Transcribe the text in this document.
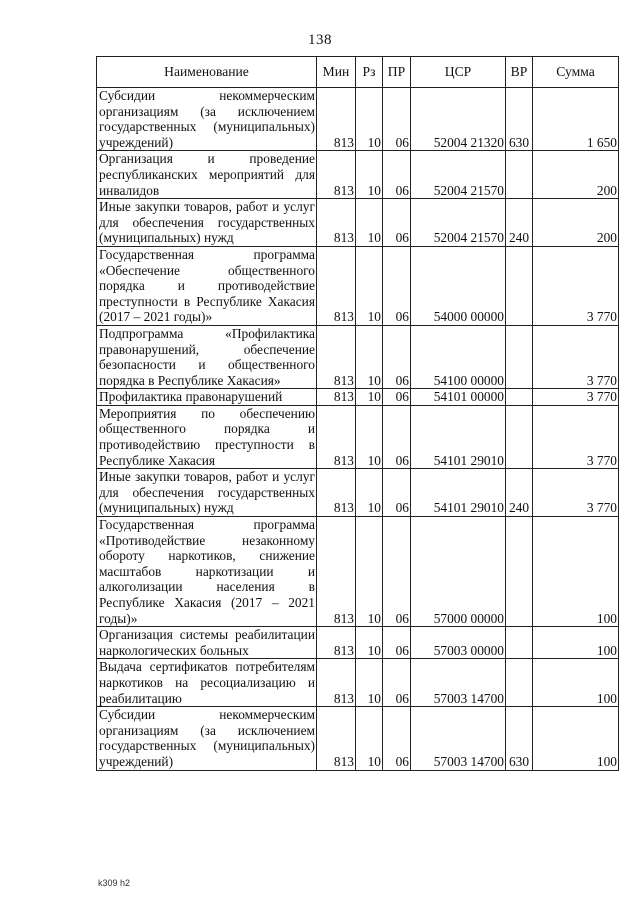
138
Наименование	Мин	Рз	ПР	ЦСР	ВР	Сумма
Субсидии некоммерческим организациям (за исключением государственных (муниципальных) учреждений)	813	10	06	52004 21320	630	1 650
Организация и проведение республиканских мероприятий для инвалидов	813	10	06	52004 21570		200
Иные закупки товаров, работ и услуг для обеспечения государственных (муниципальных) нужд	813	10	06	52004 21570	240	200
Государственная программа «Обеспечение общественного порядка и противодействие преступности в Республике Хакасия (2017 – 2021 годы)»	813	10	06	54000 00000		3 770
Подпрограмма «Профилактика правонарушений, обеспечение безопасности и общественного порядка в Республике Хакасия»	813	10	06	54100 00000		3 770
Профилактика правонарушений	813	10	06	54101 00000		3 770
Мероприятия по обеспечению общественного порядка и противодействию преступности в Республике Хакасия	813	10	06	54101 29010		3 770
Иные закупки товаров, работ и услуг для обеспечения государственных (муниципальных) нужд	813	10	06	54101 29010	240	3 770
Государственная программа «Противодействие незаконному обороту наркотиков, снижение масштабов наркотизации и алкоголизации населения в Республике Хакасия (2017 – 2021 годы)»	813	10	06	57000 00000		100
Организация системы реабилитации наркологических больных	813	10	06	57003 00000		100
Выдача сертификатов потребителям наркотиков на ресоциализацию и реабилитацию	813	10	06	57003 14700		100
Субсидии некоммерческим организациям (за исключением государственных (муниципальных) учреждений)	813	10	06	57003 14700	630	100
k309 h2
